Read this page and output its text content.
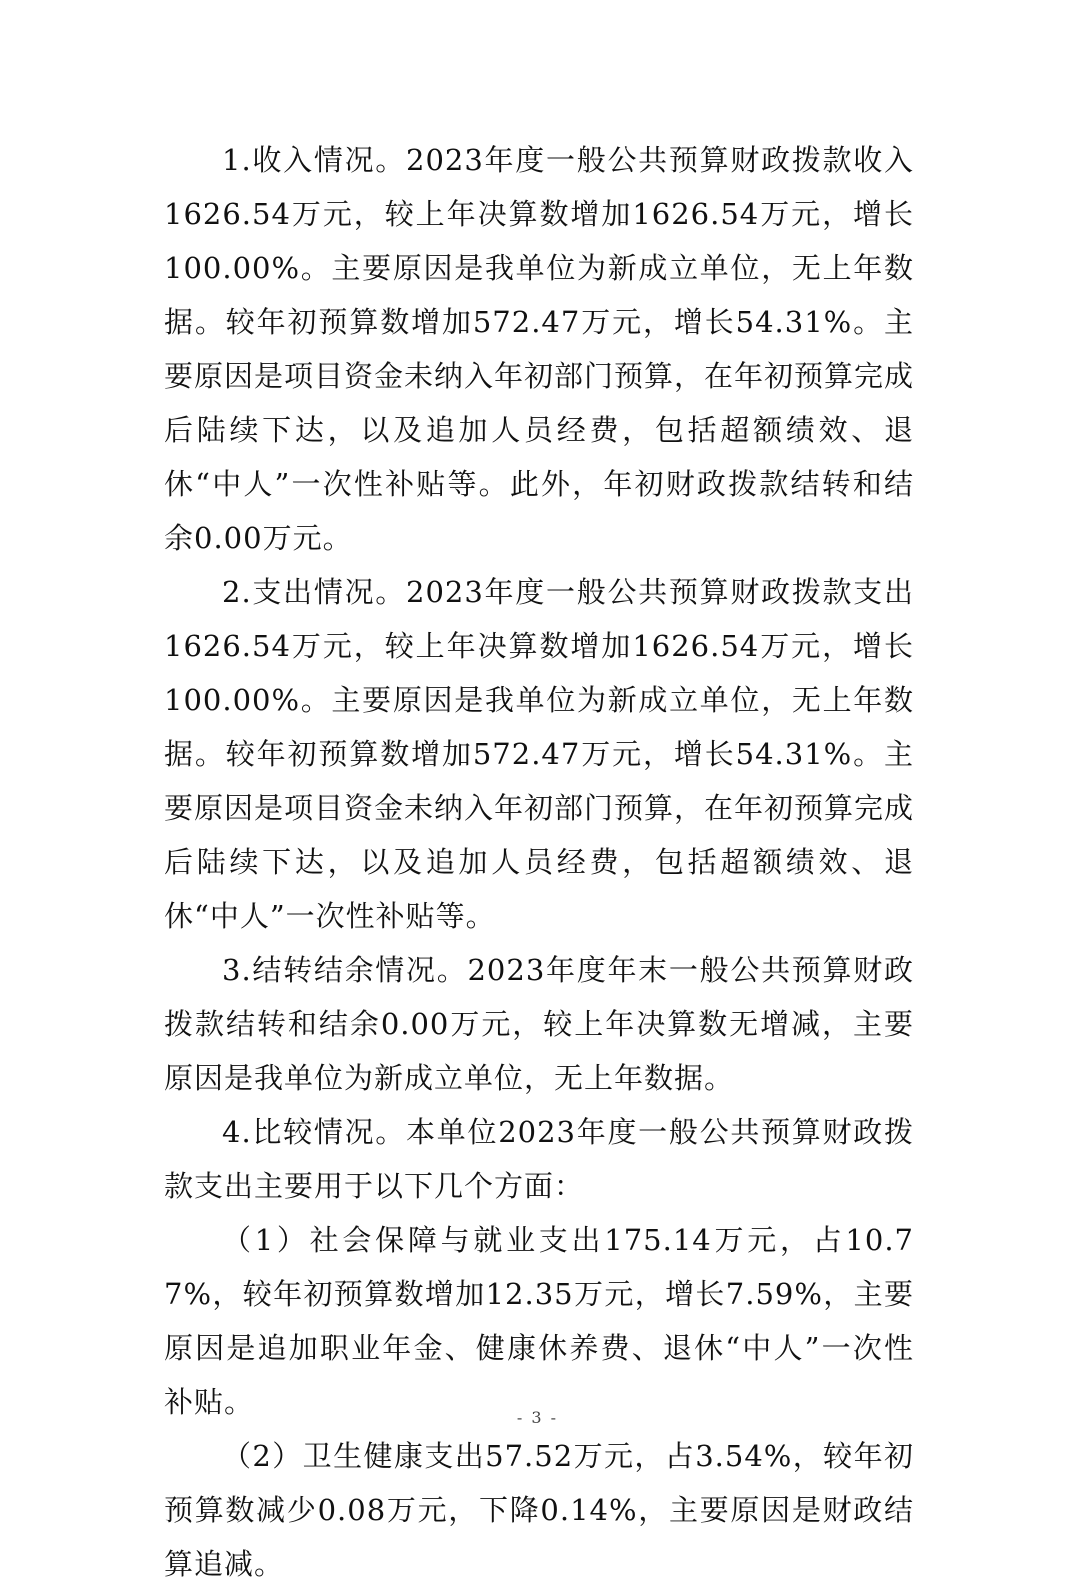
1.收入情况。2023年度一般公共预算财政拨款收入1626.54万元，较上年决算数增加1626.54万元，增长100.00%。主要原因是我单位为新成立单位，无上年数据。较年初预算数增加572.47万元，增长54.31%。主要原因是项目资金未纳入年初部门预算，在年初预算完成后陆续下达，以及追加人员经费，包括超额绩效、退休“中人”一次性补贴等。此外，年初财政拨款结转和结余0.00万元。

2.支出情况。2023年度一般公共预算财政拨款支出1626.54万元，较上年决算数增加1626.54万元，增长100.00%。主要原因是我单位为新成立单位，无上年数据。较年初预算数增加572.47万元，增长54.31%。主要原因是项目资金未纳入年初部门预算，在年初预算完成后陆续下达，以及追加人员经费，包括超额绩效、退休“中人”一次性补贴等。

3.结转结余情况。2023年度年末一般公共预算财政拨款结转和结余0.00万元，较上年决算数无增减，主要原因是我单位为新成立单位，无上年数据。

4.比较情况。本单位2023年度一般公共预算财政拨款支出主要用于以下几个方面：

（1）社会保障与就业支出175.14万元，占10.77%，较年初预算数增加12.35万元，增长7.59%，主要原因是追加职业年金、健康休养费、退休“中人”一次性补贴。

（2）卫生健康支出57.52万元，占3.54%，较年初预算数减少0.08万元，下降0.14%，主要原因是财政结算追减。

- 3 -
